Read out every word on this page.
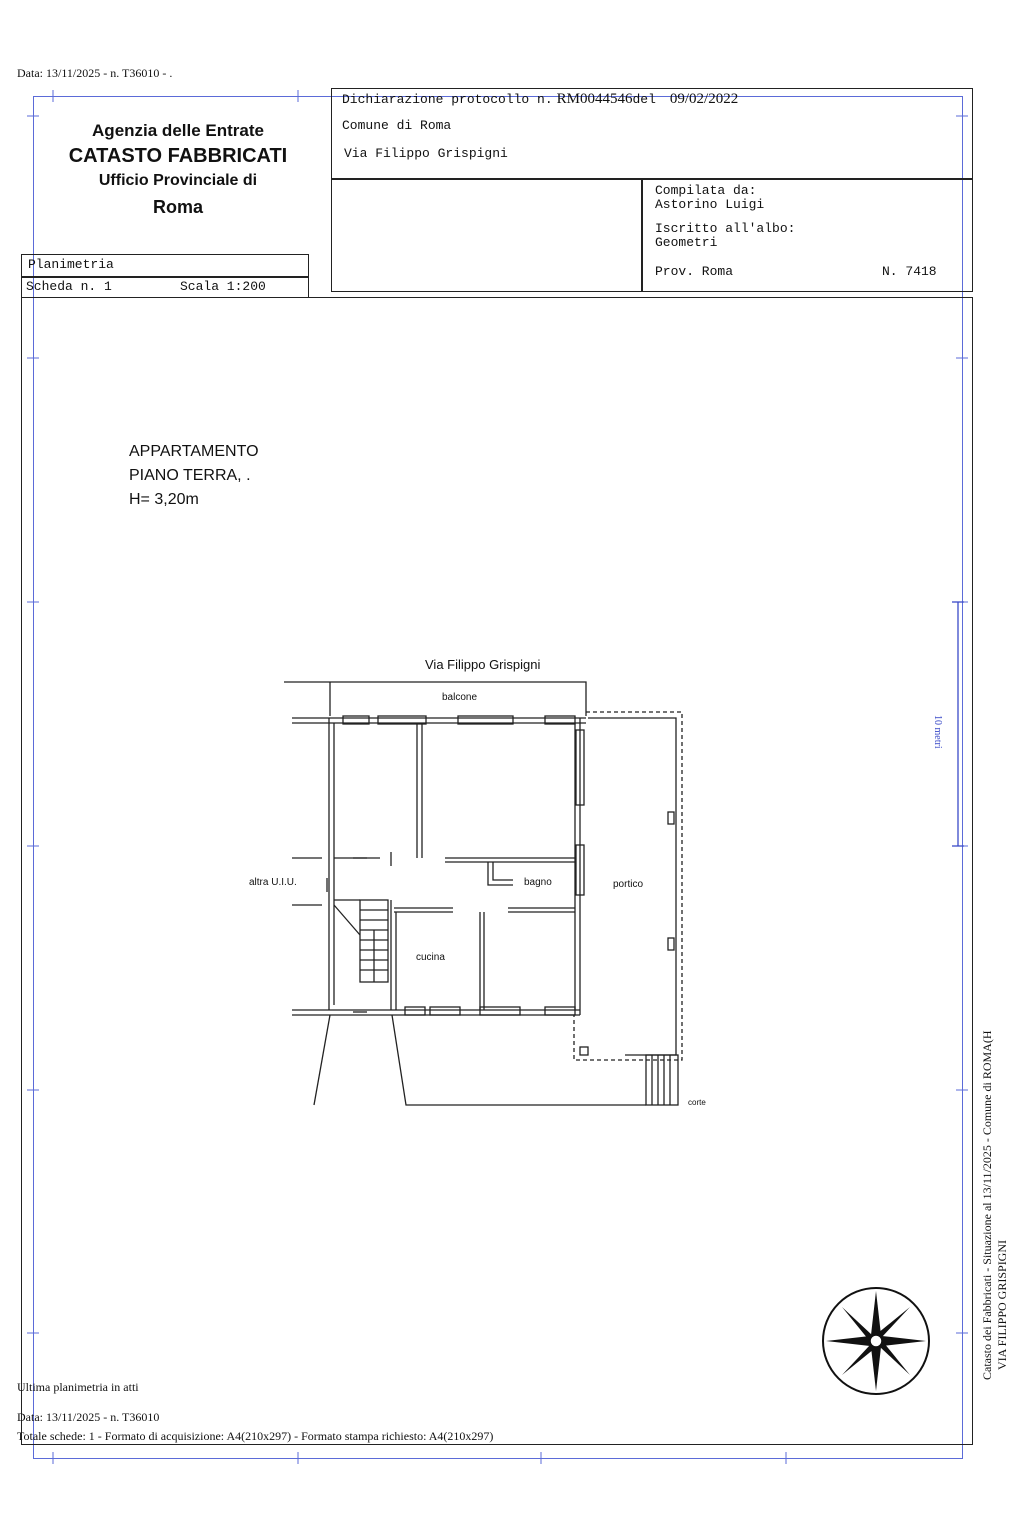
Data: 13/11/2025 - n. T36010 - .
Agenzia delle Entrate
CATASTO FABBRICATI
Ufficio Provinciale di
Roma
Dichiarazione protocollo n. RM0044546del 09/02/2022
Comune di Roma
Via Filippo Grispigni
Compilata da:
Astorino Luigi
Iscritto all'albo:
Geometri
Prov. Roma	N. 7418
Planimetria
Scheda n. 1	Scala 1:200
APPARTAMENTO
PIANO TERRA, .
H= 3,20m
Via Filippo Grispigni
balcone
altra U.I.U.	bagno	portico
cucina
corte
10 metri
Catasto dei Fabbricati - Situazione al 13/11/2025 - Comune di ROMA(H VIA FILIPPO GRISPIGNI
Ultima planimetria in atti
Data: 13/11/2025 - n. T36010
Totale schede: 1 - Formato di acquisizione: A4(210x297) - Formato stampa richiesto: A4(210x297)
